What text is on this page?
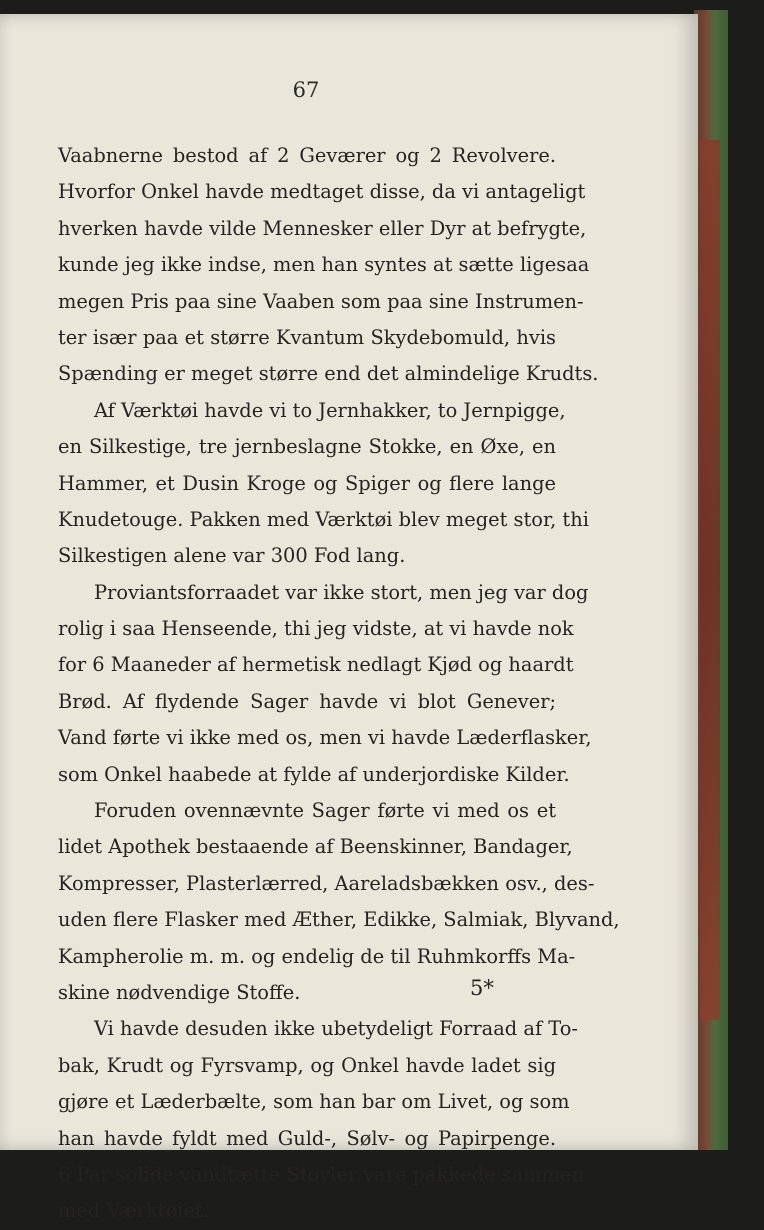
67
Vaabnerne bestod af 2 Geværer og 2 Revolvere.
Hvorfor Onkel havde medtaget disse, da vi antageligt
hverken havde vilde Mennesker eller Dyr at befrygte,
kunde jeg ikke indse, men han syntes at sætte ligesaa
megen Pris paa sine Vaaben som paa sine Instrumen-
ter især paa et større Kvantum Skydebomuld, hvis
Spænding er meget større end det almindelige Krudts.
Af Værktøi havde vi to Jernhakker, to Jernpigge,
en Silkestige, tre jernbeslagne Stokke, en Øxe, en
Hammer, et Dusin Kroge og Spiger og flere lange
Knudetouge. Pakken med Værktøi blev meget stor, thi
Silkestigen alene var 300 Fod lang.
Proviantsforraadet var ikke stort, men jeg var dog
rolig i saa Henseende, thi jeg vidste, at vi havde nok
for 6 Maaneder af hermetisk nedlagt Kjød og haardt
Brød. Af flydende Sager havde vi blot Genever;
Vand førte vi ikke med os, men vi havde Læderflasker,
som Onkel haabede at fylde af underjordiske Kilder.
Foruden ovennævnte Sager førte vi med os et
lidet Apothek bestaaende af Beenskinner, Bandager,
Kompresser, Plasterlærred, Aareladsbækken osv., des-
uden flere Flasker med Æther, Edikke, Salmiak, Blyvand,
Kampherolie m. m. og endelig de til Ruhmkorffs Ma-
skine nødvendige Stoffe.
Vi havde desuden ikke ubetydeligt Forraad af To-
bak, Krudt og Fyrsvamp, og Onkel havde ladet sig
gjøre et Læderbælte, som han bar om Livet, og som
han havde fyldt med Guld-, Sølv- og Papirpenge.
6 Par solide vandtætte Støvler vare pakkede sammen
med Værktøiet.
5*
